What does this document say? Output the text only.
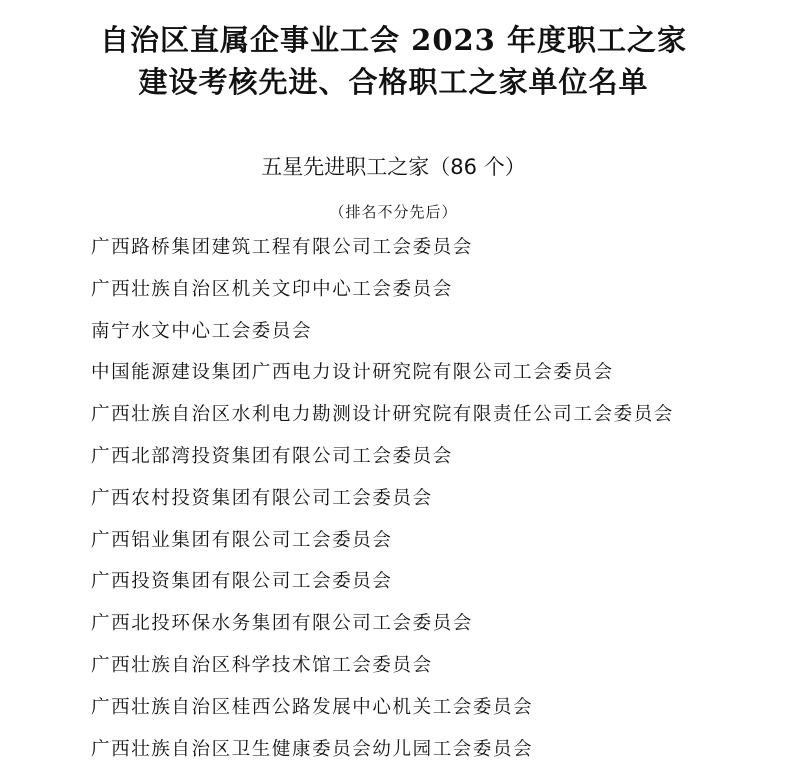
自治区直属企事业工会 2023 年度职工之家
建设考核先进、合格职工之家单位名单
五星先进职工之家（86 个）
（排名不分先后）
广西路桥集团建筑工程有限公司工会委员会
广西壮族自治区机关文印中心工会委员会
南宁水文中心工会委员会
中国能源建设集团广西电力设计研究院有限公司工会委员会
广西壮族自治区水利电力勘测设计研究院有限责任公司工会委员会
广西北部湾投资集团有限公司工会委员会
广西农村投资集团有限公司工会委员会
广西铝业集团有限公司工会委员会
广西投资集团有限公司工会委员会
广西北投环保水务集团有限公司工会委员会
广西壮族自治区科学技术馆工会委员会
广西壮族自治区桂西公路发展中心机关工会委员会
广西壮族自治区卫生健康委员会幼儿园工会委员会
